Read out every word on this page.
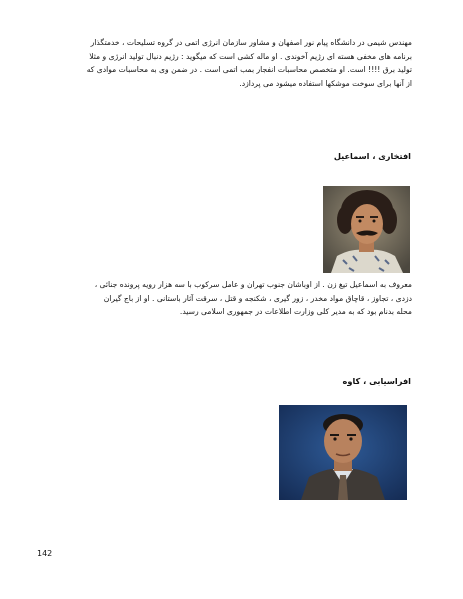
مهندس شیمی در دانشگاه پیام نور اصفهان و مشاور سازمان انرژی اتمی در گروه تسلیحات ، خدمتگذار
برنامه های مخفی هسته ای رژیم آخوندی . او ماله کشی است که میگوید : رژیم دنبال تولید انرژی و مثلا
تولید برق !!!! است. او متخصص محاسبات انفجار بمب اتمی است . در ضمن وی به محاسبات موادی که
از آنها برای سوخت موشکها استفاده میشود می پردازد.

افتخاری ، اسماعیل

معروف به اسماعیل تیغ زن . از اوباشان جنوب تهران و عامل سرکوب با سه هزار رویه پرونده جنائی ،
دزدی ، تجاوز ، قاچاق مواد مخدر ، زور گیری ، شکنجه و قتل ، سرقت آثار باستانی . او از باج گیران
محله بدنام بود که به مدیر کلی وزارت اطلاعات در جمهوری اسلامی رسید.

افراسیابی ، کاوه

142
